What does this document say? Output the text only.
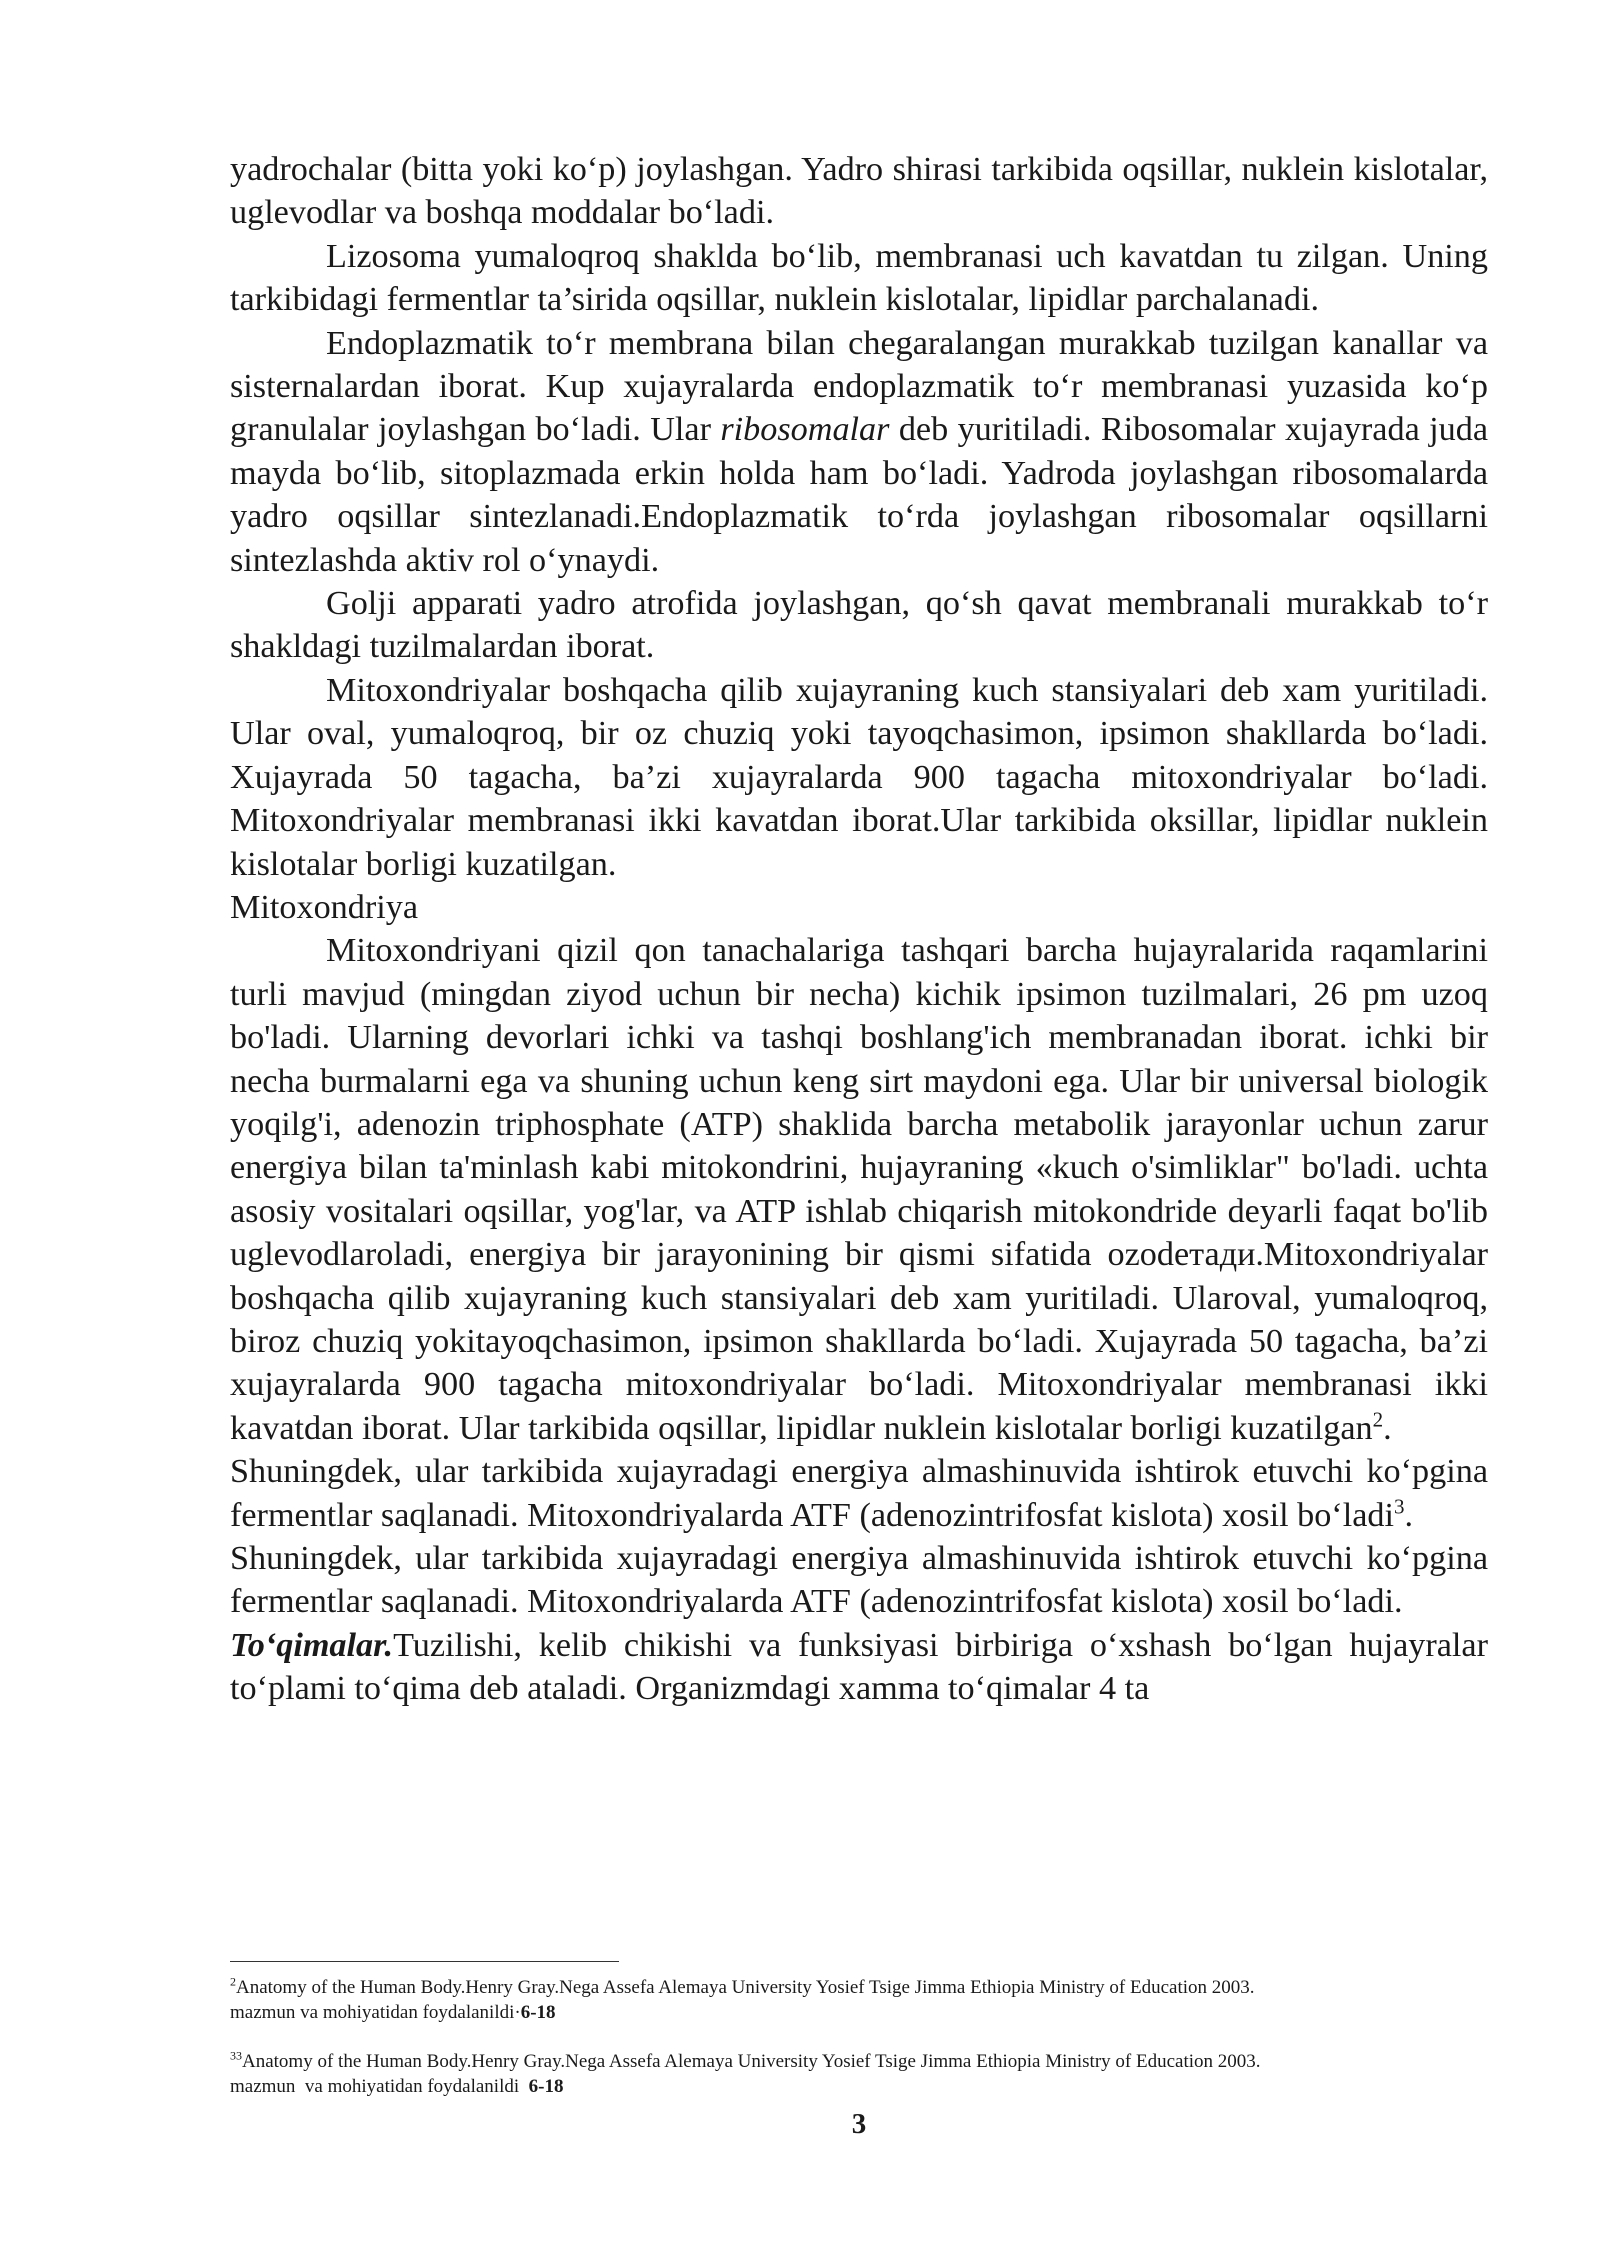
yadrochalar (bitta yoki ko‘p) joylashgan. Yadro shirasi tarkibida oqsillar, nuklein kislotalar, uglevodlar va boshqa moddalar bo‘ladi.

Lizosoma yumaloqroq shaklda bo‘lib, membranasi uch kavatdan tu zilgan. Uning tarkibidagi fermentlar ta’sirida oqsillar, nuklein kislotalar, lipidlar parchalanadi.

Endoplazmatik to‘r membrana bilan chegaralangan murakkab tuzilgan kanallar va sisternalardan iborat. Kup xujayralarda endoplazmatik to‘r membranasi yuzasida ko‘p granulalar joylashgan bo‘ladi. Ular ribosomalar deb yuritiladi. Ribosomalar xujayrada juda mayda bo‘lib, sitoplazmada erkin holda ham bo‘ladi. Yadroda joylashgan ribosomalarda yadro oqsillar sintezlanadi.Endoplazmatik to‘rda joylashgan ribosomalar oqsillarni sintezlashda aktiv rol o‘ynaydi.

Golji apparati yadro atrofida joylashgan, qo‘sh qavat membranali murakkab to‘r shakldagi tuzilmalardan iborat.

Mitoxondriyalar boshqacha qilib xujayraning kuch stansiyalari deb xam yuritiladi. Ular oval, yumaloqroq, bir oz chuziq yoki tayoqchasimon, ipsimon shakllarda bo‘ladi. Xujayrada 50 tagacha, ba’zi xujayralarda 900 tagacha mitoxondriyalar bo‘ladi. Mitoxondriyalar membranasi ikki kavatdan iborat.Ular tarkibida oksillar, lipidlar nuklein kislotalar borligi kuzatilgan.

Mitoxondriya

Mitoxondriyani qizil qon tanachalariga tashqari barcha hujayralarida raqamlarini turli mavjud (mingdan ziyod uchun bir necha) kichik ipsimon tuzilmalari, 26 pm uzoq bo'ladi. Ularning devorlari ichki va tashqi boshlang'ich membranadan iborat. ichki bir necha burmalarni ega va shuning uchun keng sirt maydoni ega. Ular bir universal biologik yoqilg'i, adenozin triphosphate (ATP) shaklida barcha metabolik jarayonlar uchun zarur energiya bilan ta'minlash kabi mitokondrini, hujayraning «kuch o'simliklar" bo'ladi. uchta asosiy vositalari oqsillar, yog'lar, va ATP ishlab chiqarish mitokondride deyarli faqat bo'lib uglevodlaroladi, energiya bir jarayonining bir qismi sifatida ozodетади.Mitoxondriyalar boshqacha qilib xujayraning kuch stansiyalari deb xam yuritiladi. Ularoval, yumaloqroq, biroz chuziq yokitayoqchasimon, ipsimon shakllarda bo‘ladi. Xujayrada 50 tagacha, ba’zi xujayralarda 900 tagacha mitoxondriyalar bo‘ladi. Mitoxondriyalar membranasi ikki kavatdan iborat. Ular tarkibida oqsillar, lipidlar nuklein kislotalar borligi kuzatilgan$^2$.

Shuningdek, ular tarkibida xujayradagi energiya almashinuvida ishtirok etuvchi ko‘pgina fermentlar saqlanadi. Mitoxondriyalarda ATF (adenozintrifosfat kislota) xosil bo‘ladi$^3$.

Shuningdek, ular tarkibida xujayradagi energiya almashinuvida ishtirok etuvchi ko‘pgina fermentlar saqlanadi. Mitoxondriyalarda ATF (adenozintrifosfat kislota) xosil bo‘ladi.

To‘qimalar.Tuzilishi, kelib chikishi va funksiyasi birbiriga o‘xshash bo‘lgan hujayralar to‘plami to‘qima deb ataladi. Organizmdagi xamma to‘qimalar 4 ta

$^2$Anatomy of the Human Body.Henry Gray.Nega Assefa Alemaya University Yosief Tsige Jimma Ethiopia Ministry of Education 2003.
mazmun va mohiyatidan foydalanildi·6-18
$^{33}$Anatomy of the Human Body.Henry Gray.Nega Assefa Alemaya University Yosief Tsige Jimma Ethiopia Ministry of Education 2003.
mazmun  va mohiyatidan foydalanildi  6-18
3
